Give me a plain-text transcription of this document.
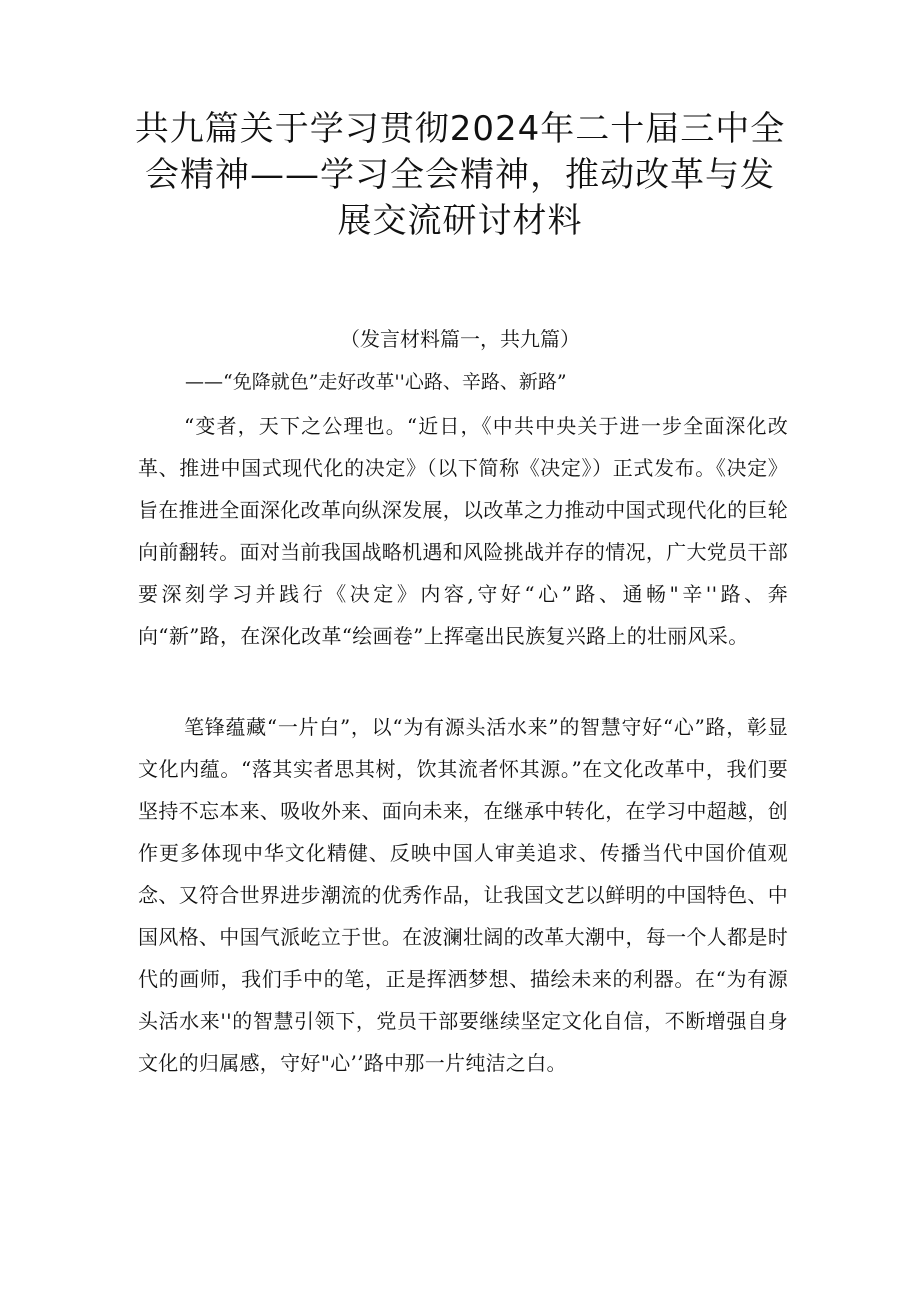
共九篇关于学习贯彻2024年二十届三中全会精神——学习全会精神，推动改革与发展交流研讨材料
（发言材料篇一，共九篇）
——“免降就色”走好改革''心路、辛路、新路”

“变者，天下之公理也。“近日，《中共中央关于进一步全面深化改革、推进中国式现代化的决定》（以下简称《决定》）正式发布。《决定》旨在推进全面深化改革向纵深发展，以改革之力推动中国式现代化的巨轮向前翻转。面对当前我国战略机遇和风险挑战并存的情况，广大党员干部要深刻学习并践行《决定》内容,守好“心”路、通畅"辛''路、奔向“新”路，在深化改革“绘画卷”上挥毫出民族复兴路上的壮丽风采。

笔锋蕴藏“一片白”，以“为有源头活水来”的智慧守好“心”路，彰显文化内蕴。“落其实者思其树，饮其流者怀其源。”在文化改革中，我们要坚持不忘本来、吸收外来、面向未来，在继承中转化，在学习中超越，创作更多体现中华文化精健、反映中国人审美追求、传播当代中国价值观念、又符合世界进步潮流的优秀作品，让我国文艺以鲜明的中国特色、中国风格、中国气派屹立于世。在波澜壮阔的改革大潮中，每一个人都是时代的画师，我们手中的笔，正是挥洒梦想、描绘未来的利器。在“为有源头活水来''的智慧引领下，党员干部要继续坚定文化自信，不断增强自身文化的归属感，守好"心’’路中那一片纯洁之白。
